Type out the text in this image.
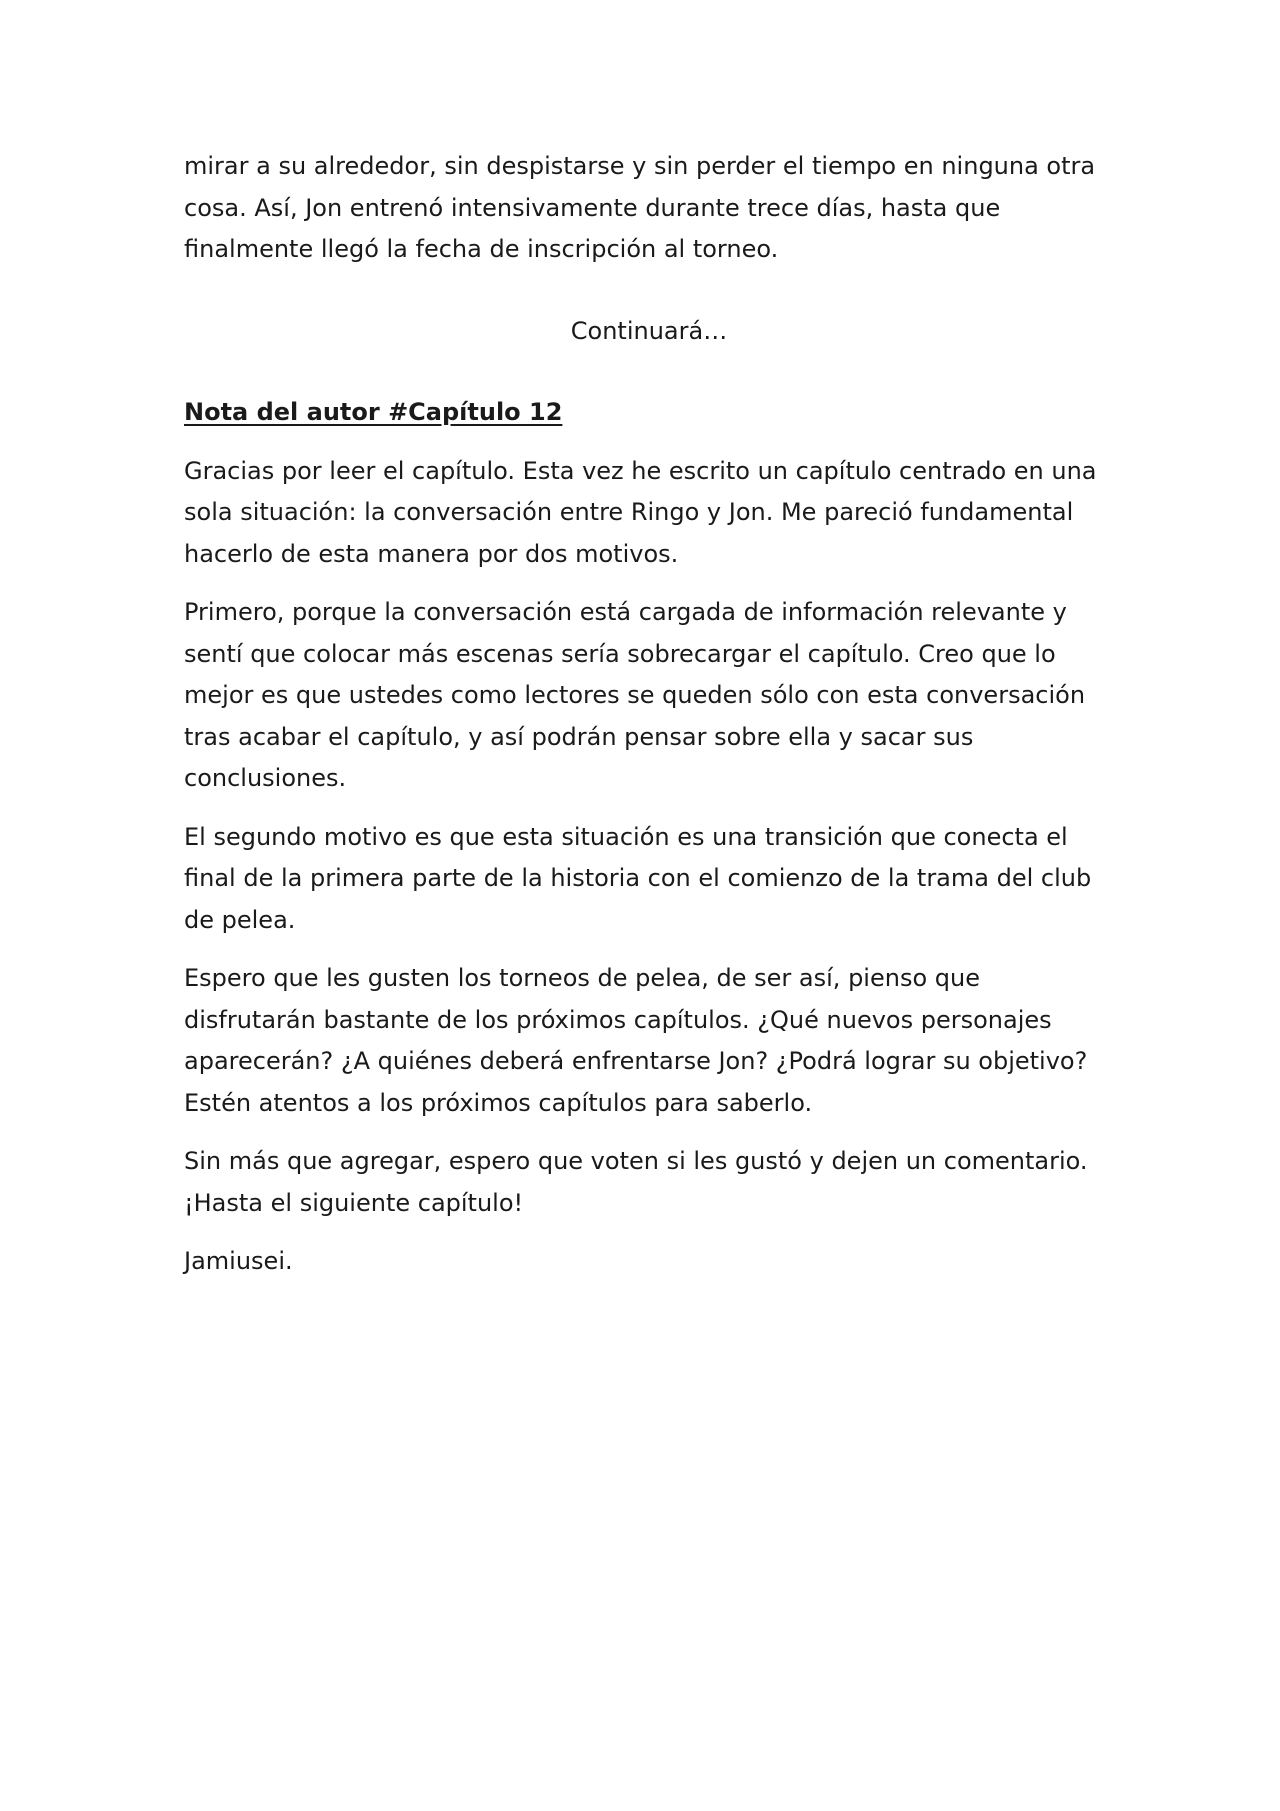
mirar a su alrededor, sin despistarse y sin perder el tiempo en ninguna otra cosa. Así, Jon entrenó intensivamente durante trece días, hasta que finalmente llegó la fecha de inscripción al torneo.

Continuará…

Nota del autor #Capítulo 12

Gracias por leer el capítulo. Esta vez he escrito un capítulo centrado en una sola situación: la conversación entre Ringo y Jon. Me pareció fundamental hacerlo de esta manera por dos motivos.

Primero, porque la conversación está cargada de información relevante y sentí que colocar más escenas sería sobrecargar el capítulo. Creo que lo mejor es que ustedes como lectores se queden sólo con esta conversación tras acabar el capítulo, y así podrán pensar sobre ella y sacar sus conclusiones.

El segundo motivo es que esta situación es una transición que conecta el final de la primera parte de la historia con el comienzo de la trama del club de pelea.

Espero que les gusten los torneos de pelea, de ser así, pienso que disfrutarán bastante de los próximos capítulos. ¿Qué nuevos personajes aparecerán? ¿A quiénes deberá enfrentarse Jon? ¿Podrá lograr su objetivo? Estén atentos a los próximos capítulos para saberlo.

Sin más que agregar, espero que voten si les gustó y dejen un comentario. ¡Hasta el siguiente capítulo!

Jamiusei.
